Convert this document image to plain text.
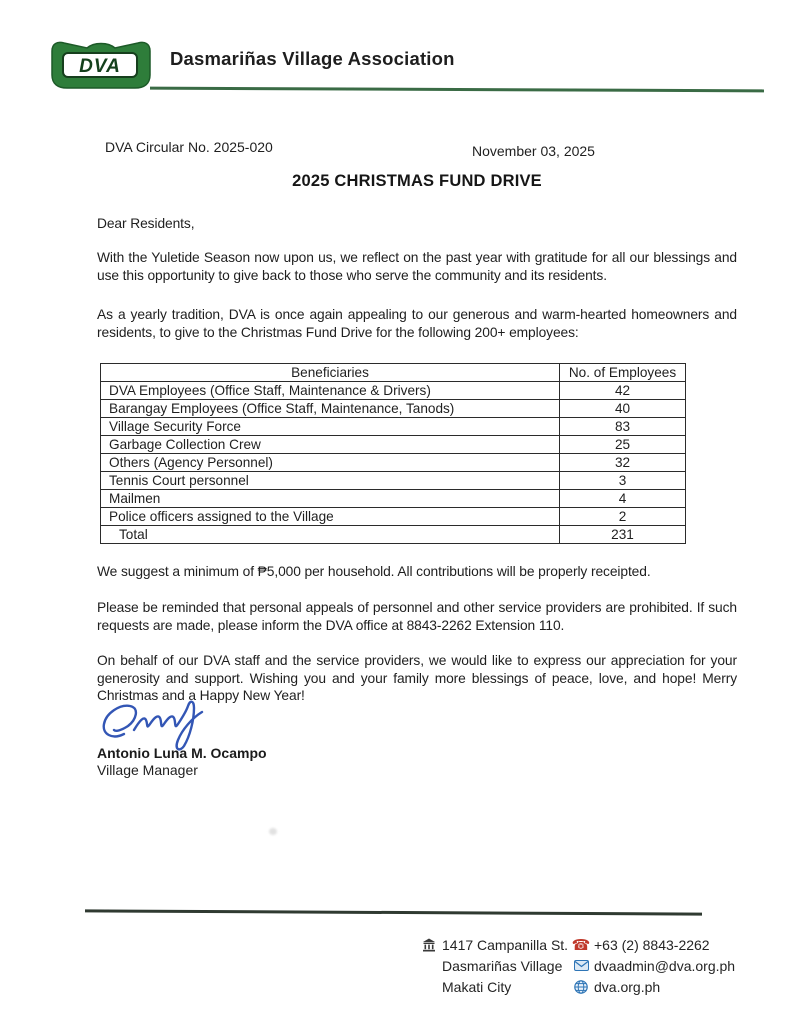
DVA	Dasmariñas Village Association
DVA Circular No. 2025-020	November 03, 2025
2025 CHRISTMAS FUND DRIVE
Dear Residents,
With the Yuletide Season now upon us, we reflect on the past year with gratitude for all our blessings and use this opportunity to give back to those who serve the community and its residents.
As a yearly tradition, DVA is once again appealing to our generous and warm-hearted homeowners and residents, to give to the Christmas Fund Drive for the following 200+ employees:
Beneficiaries	No. of Employees
DVA Employees (Office Staff, Maintenance & Drivers)	42
Barangay Employees (Office Staff, Maintenance, Tanods)	40
Village Security Force	83
Garbage Collection Crew	25
Others (Agency Personnel)	32
Tennis Court personnel	3
Mailmen	4
Police officers assigned to the Village	2
Total	231
We suggest a minimum of ₱5,000 per household. All contributions will be properly receipted.
Please be reminded that personal appeals of personnel and other service providers are prohibited. If such requests are made, please inform the DVA office at 8843-2262 Extension 110.
On behalf of our DVA staff and the service providers, we would like to express our appreciation for your generosity and support. Wishing you and your family more blessings of peace, love, and hope! Merry Christmas and a Happy New Year!
Antonio Luna M. Ocampo
Village Manager
1417 Campanilla St.
Dasmariñas Village
Makati City
☎ +63 (2) 8843-2262
dvaadmin@dva.org.ph
dva.org.ph
